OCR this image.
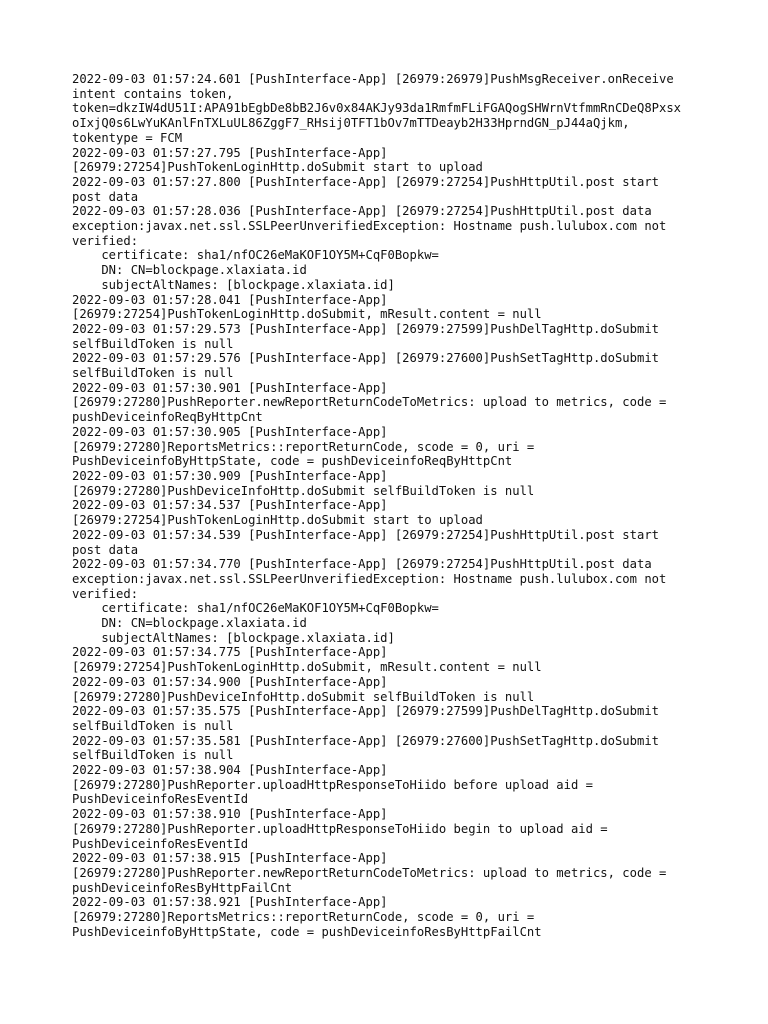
2022-09-03 01:57:24.601 [PushInterface-App] [26979:26979]PushMsgReceiver.onReceive
intent contains token,
token=dkzIW4dU51I:APA91bEgbDe8bB2J6v0x84AKJy93da1RmfmFLiFGAQogSHWrnVtfmmRnCDeQ8Pxsx
oIxjQ0s6LwYuKAnlFnTXLuUL86ZggF7_RHsij0TFT1bOv7mTTDeayb2H33HprndGN_pJ44aQjkm,
tokentype = FCM
2022-09-03 01:57:27.795 [PushInterface-App]
[26979:27254]PushTokenLoginHttp.doSubmit start to upload
2022-09-03 01:57:27.800 [PushInterface-App] [26979:27254]PushHttpUtil.post start
post data
2022-09-03 01:57:28.036 [PushInterface-App] [26979:27254]PushHttpUtil.post data
exception:javax.net.ssl.SSLPeerUnverifiedException: Hostname push.lulubox.com not
verified:
certificate: sha1/nfOC26eMaKOF1OY5M+CqF0Bopkw=
DN: CN=blockpage.xlaxiata.id
subjectAltNames: [blockpage.xlaxiata.id]
2022-09-03 01:57:28.041 [PushInterface-App]
[26979:27254]PushTokenLoginHttp.doSubmit, mResult.content = null
2022-09-03 01:57:29.573 [PushInterface-App] [26979:27599]PushDelTagHttp.doSubmit
selfBuildToken is null
2022-09-03 01:57:29.576 [PushInterface-App] [26979:27600]PushSetTagHttp.doSubmit
selfBuildToken is null
2022-09-03 01:57:30.901 [PushInterface-App]
[26979:27280]PushReporter.newReportReturnCodeToMetrics: upload to metrics, code =
pushDeviceinfoReqByHttpCnt
2022-09-03 01:57:30.905 [PushInterface-App]
[26979:27280]ReportsMetrics::reportReturnCode, scode = 0, uri =
PushDeviceinfoByHttpState, code = pushDeviceinfoReqByHttpCnt
2022-09-03 01:57:30.909 [PushInterface-App]
[26979:27280]PushDeviceInfoHttp.doSubmit selfBuildToken is null
2022-09-03 01:57:34.537 [PushInterface-App]
[26979:27254]PushTokenLoginHttp.doSubmit start to upload
2022-09-03 01:57:34.539 [PushInterface-App] [26979:27254]PushHttpUtil.post start
post data
2022-09-03 01:57:34.770 [PushInterface-App] [26979:27254]PushHttpUtil.post data
exception:javax.net.ssl.SSLPeerUnverifiedException: Hostname push.lulubox.com not
verified:
certificate: sha1/nfOC26eMaKOF1OY5M+CqF0Bopkw=
DN: CN=blockpage.xlaxiata.id
subjectAltNames: [blockpage.xlaxiata.id]
2022-09-03 01:57:34.775 [PushInterface-App]
[26979:27254]PushTokenLoginHttp.doSubmit, mResult.content = null
2022-09-03 01:57:34.900 [PushInterface-App]
[26979:27280]PushDeviceInfoHttp.doSubmit selfBuildToken is null
2022-09-03 01:57:35.575 [PushInterface-App] [26979:27599]PushDelTagHttp.doSubmit
selfBuildToken is null
2022-09-03 01:57:35.581 [PushInterface-App] [26979:27600]PushSetTagHttp.doSubmit
selfBuildToken is null
2022-09-03 01:57:38.904 [PushInterface-App]
[26979:27280]PushReporter.uploadHttpResponseToHiido before upload aid =
PushDeviceinfoResEventId
2022-09-03 01:57:38.910 [PushInterface-App]
[26979:27280]PushReporter.uploadHttpResponseToHiido begin to upload aid =
PushDeviceinfoResEventId
2022-09-03 01:57:38.915 [PushInterface-App]
[26979:27280]PushReporter.newReportReturnCodeToMetrics: upload to metrics, code =
pushDeviceinfoResByHttpFailCnt
2022-09-03 01:57:38.921 [PushInterface-App]
[26979:27280]ReportsMetrics::reportReturnCode, scode = 0, uri =
PushDeviceinfoByHttpState, code = pushDeviceinfoResByHttpFailCnt
